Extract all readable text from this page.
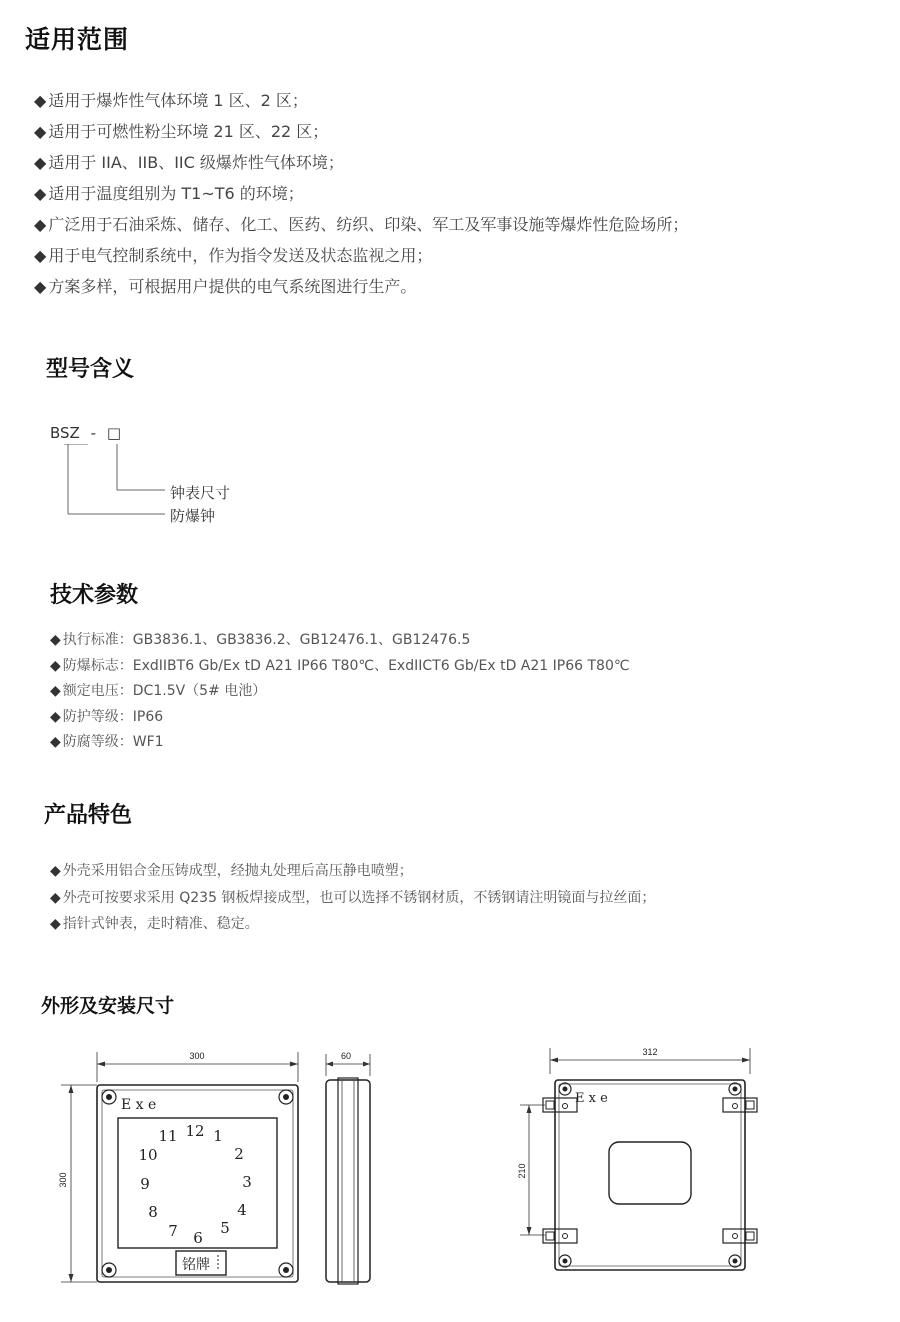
适用范围
◆ 适用于爆炸性气体环境 1 区、2 区；
◆ 适用于可燃性粉尘环境 21 区、22 区；
◆ 适用于 IIA、IIB、IIC 级爆炸性气体环境；
◆ 适用于温度组别为 T1~T6 的环境；
◆ 广泛用于石油采炼、储存、化工、医药、纺织、印染、军工及军事设施等爆炸性危险场所；
◆ 用于电气控制系统中，作为指令发送及状态监视之用；
◆ 方案多样，可根据用户提供的电气系统图进行生产。
型号含义
BSZ - □
钟表尺寸
防爆钟
技术参数
◆ 执行标准：GB3836.1、GB3836.2、GB12476.1、GB12476.5
◆ 防爆标志：ExdIIBT6 Gb/Ex tD A21 IP66 T80℃、ExdIICT6 Gb/Ex tD A21 IP66 T80℃
◆ 额定电压：DC1.5V（5# 电池）
◆ 防护等级：IP66
◆ 防腐等级：WF1
产品特色
◆ 外壳采用铝合金压铸成型，经抛丸处理后高压静电喷塑；
◆ 外壳可按要求采用 Q235 钢板焊接成型，也可以选择不锈钢材质，不锈钢请注明镜面与拉丝面；
◆ 指针式钟表，走时精准、稳定。
外形及安装尺寸
300
300
E x e
12 1
2
3
4
5
6
7
8
9
10
11
铭牌
60	312
210
E x e
